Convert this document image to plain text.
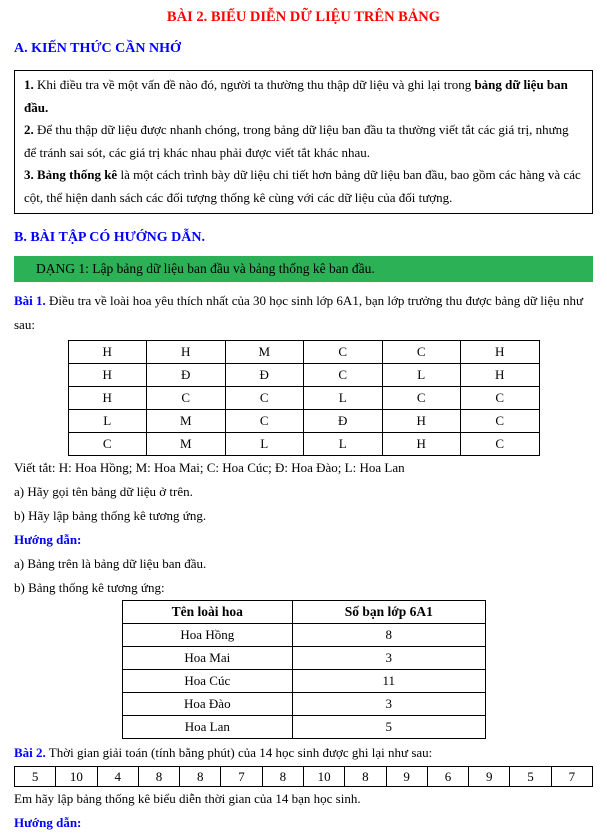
BÀI 2. BIỂU DIỄN DỮ LIỆU TRÊN BẢNG
A. KIẾN THỨC CẦN NHỚ

1. Khi điều tra về một vấn đề nào đó, người ta thường thu thập dữ liệu và ghi lại trong bảng dữ liệu ban đầu.

2. Để thu thập dữ liệu được nhanh chóng, trong bảng dữ liệu ban đầu ta thường viết tắt các giá trị, nhưng để tránh sai sót, các giá trị khác nhau phải được viết tắt khác nhau.

3. Bảng thống kê là một cách trình bày dữ liệu chi tiết hơn bảng dữ liệu ban đầu, bao gồm các hàng và các cột, thể hiện danh sách các đối tượng thống kê cùng với các dữ liệu của đối tượng.

B. BÀI TẬP CÓ HƯỚNG DẪN.
DẠNG 1: Lập bảng dữ liệu ban đầu và bảng thống kê ban đầu.

Bài 1. Điều tra về loài hoa yêu thích nhất của 30 học sinh lớp 6A1, bạn lớp trưởng thu được bảng dữ liệu như sau:

H	H	M	C	C	H
H	Đ	Đ	C	L	H
H	C	C	L	C	C
L	M	C	Đ	H	C
C	M	L	L	H	C

Viết tắt: H: Hoa Hồng; M: Hoa Mai; C: Hoa Cúc; Đ: Hoa Đào; L: Hoa Lan

a) Hãy gọi tên bảng dữ liệu ở trên.

b) Hãy lập bảng thống kê tương ứng.

Hướng dẫn:

a) Bảng trên là bảng dữ liệu ban đầu.

b) Bảng thống kê tương ứng:

Tên loài hoa	Số bạn lớp 6A1
Hoa Hồng	8
Hoa Mai	3
Hoa Cúc	11
Hoa Đào	3
Hoa Lan	5

Bài 2. Thời gian giải toán (tính bằng phút) của 14 học sinh được ghi lại như sau:

5	10	4	8	8	7	8	10	8	9	6	9	5	7

Em hãy lập bảng thống kê biểu diễn thời gian của 14 bạn học sinh.

Hướng dẫn:
